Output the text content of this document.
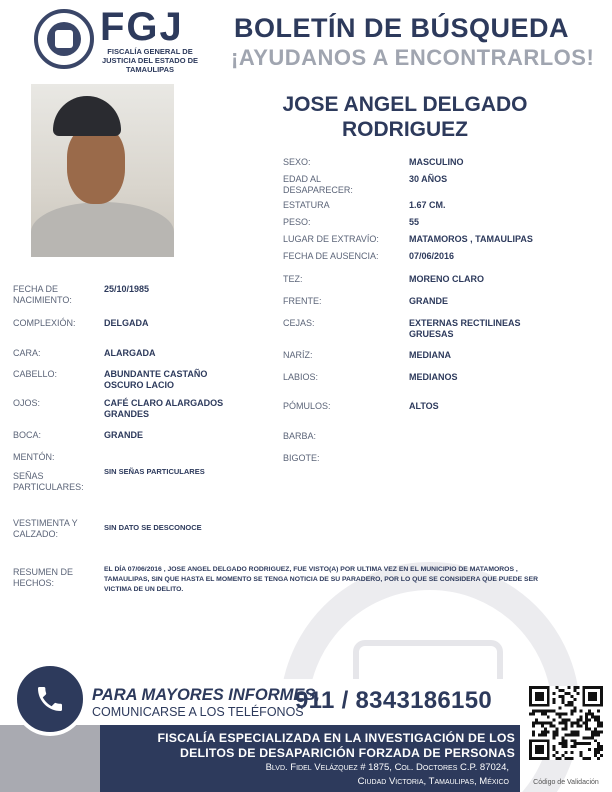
FGJ
FISCALÍA GENERAL DE JUSTICIA DEL ESTADO DE TAMAULIPAS
BOLETÍN DE BÚSQUEDA
¡AYUDANOS A ENCONTRARLOS!
JOSE ANGEL DELGADO RODRIGUEZ
SEXO:	MASCULINO
EDAD AL DESAPARECER:
30 AÑOS
ESTATURA	1.67 CM.
PESO:	55
LUGAR DE EXTRAVÍO:	MATAMOROS , TAMAULIPAS
FECHA DE AUSENCIA:	07/06/2016
TEZ:	MORENO CLARO
FRENTE:	GRANDE
CEJAS:	EXTERNAS RECTILINEAS GRUESAS
NARÍZ:	MEDIANA
LABIOS:	MEDIANOS
PÓMULOS:	ALTOS
BARBA:
BIGOTE:
FECHA DE NACIMIENTO:
25/10/1985
COMPLEXIÓN:	DELGADA
CARA:	ALARGADA
CABELLO:	ABUNDANTE CASTAÑO OSCURO LACIO
OJOS:	CAFÉ CLARO ALARGADOS GRANDES
BOCA:	GRANDE
MENTÓN:
SEÑAS PARTICULARES:
SIN SEÑAS PARTICULARES
VESTIMENTA Y CALZADO:
SIN DATO SE DESCONOCE
RESUMEN DE HECHOS:
EL DÍA 07/06/2016 , JOSE ANGEL DELGADO RODRIGUEZ, FUE VISTO(A) POR ULTIMA VEZ EN EL MUNICIPIO DE MATAMOROS , TAMAULIPAS, SIN QUE HASTA EL MOMENTO SE TENGA NOTICIA DE SU PARADERO, POR LO QUE SE CONSIDERA QUE PUEDE SER VICTIMA DE UN DELITO.
PARA MAYORES INFORMES,
COMUNICARSE A LOS TELÉFONOS
911 / 8343186150
FISCALÍA ESPECIALIZADA EN LA INVESTIGACIÓN DE LOS
DELITOS DE DESAPARICIÓN FORZADA DE PERSONAS
Blvd. Fidel Velázquez # 1875, Col. Doctores C.P. 87024,
Ciudad Victoria, Tamaulipas, México	Código de Validación
